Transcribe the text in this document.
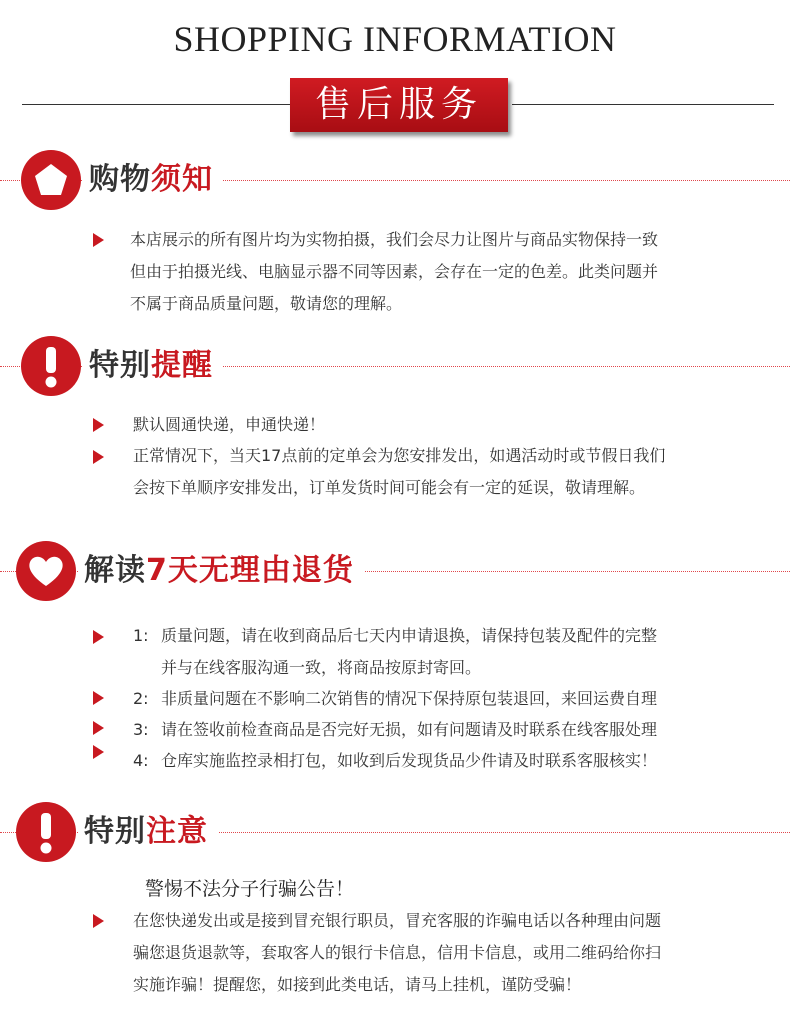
SHOPPING INFORMATION
售后服务
购物须知
本店展示的所有图片均为实物拍摄，我们会尽力让图片与商品实物保持一致
但由于拍摄光线、电脑显示器不同等因素，会存在一定的色差。此类问题并
不属于商品质量问题，敬请您的理解。
特别提醒
默认圆通快递，申通快递！
正常情况下，当天17点前的定单会为您安排发出，如遇活动时或节假日我们
会按下单顺序安排发出，订单发货时间可能会有一定的延误，敬请理解。
解读7天无理由退货
1: 质量问题，请在收到商品后七天内申请退换，请保持包装及配件的完整
并与在线客服沟通一致，将商品按原封寄回。
2: 非质量问题在不影响二次销售的情况下保持原包装退回，来回运费自理
3: 请在签收前检查商品是否完好无损，如有问题请及时联系在线客服处理
4: 仓库实施监控录相打包，如收到后发现货品少件请及时联系客服核实！
特别注意
警惕不法分子行骗公告！
在您快递发出或是接到冒充银行职员，冒充客服的诈骗电话以各种理由问题
骗您退货退款等，套取客人的银行卡信息，信用卡信息，或用二维码给你扫
实施诈骗！提醒您，如接到此类电话，请马上挂机，谨防受骗！
